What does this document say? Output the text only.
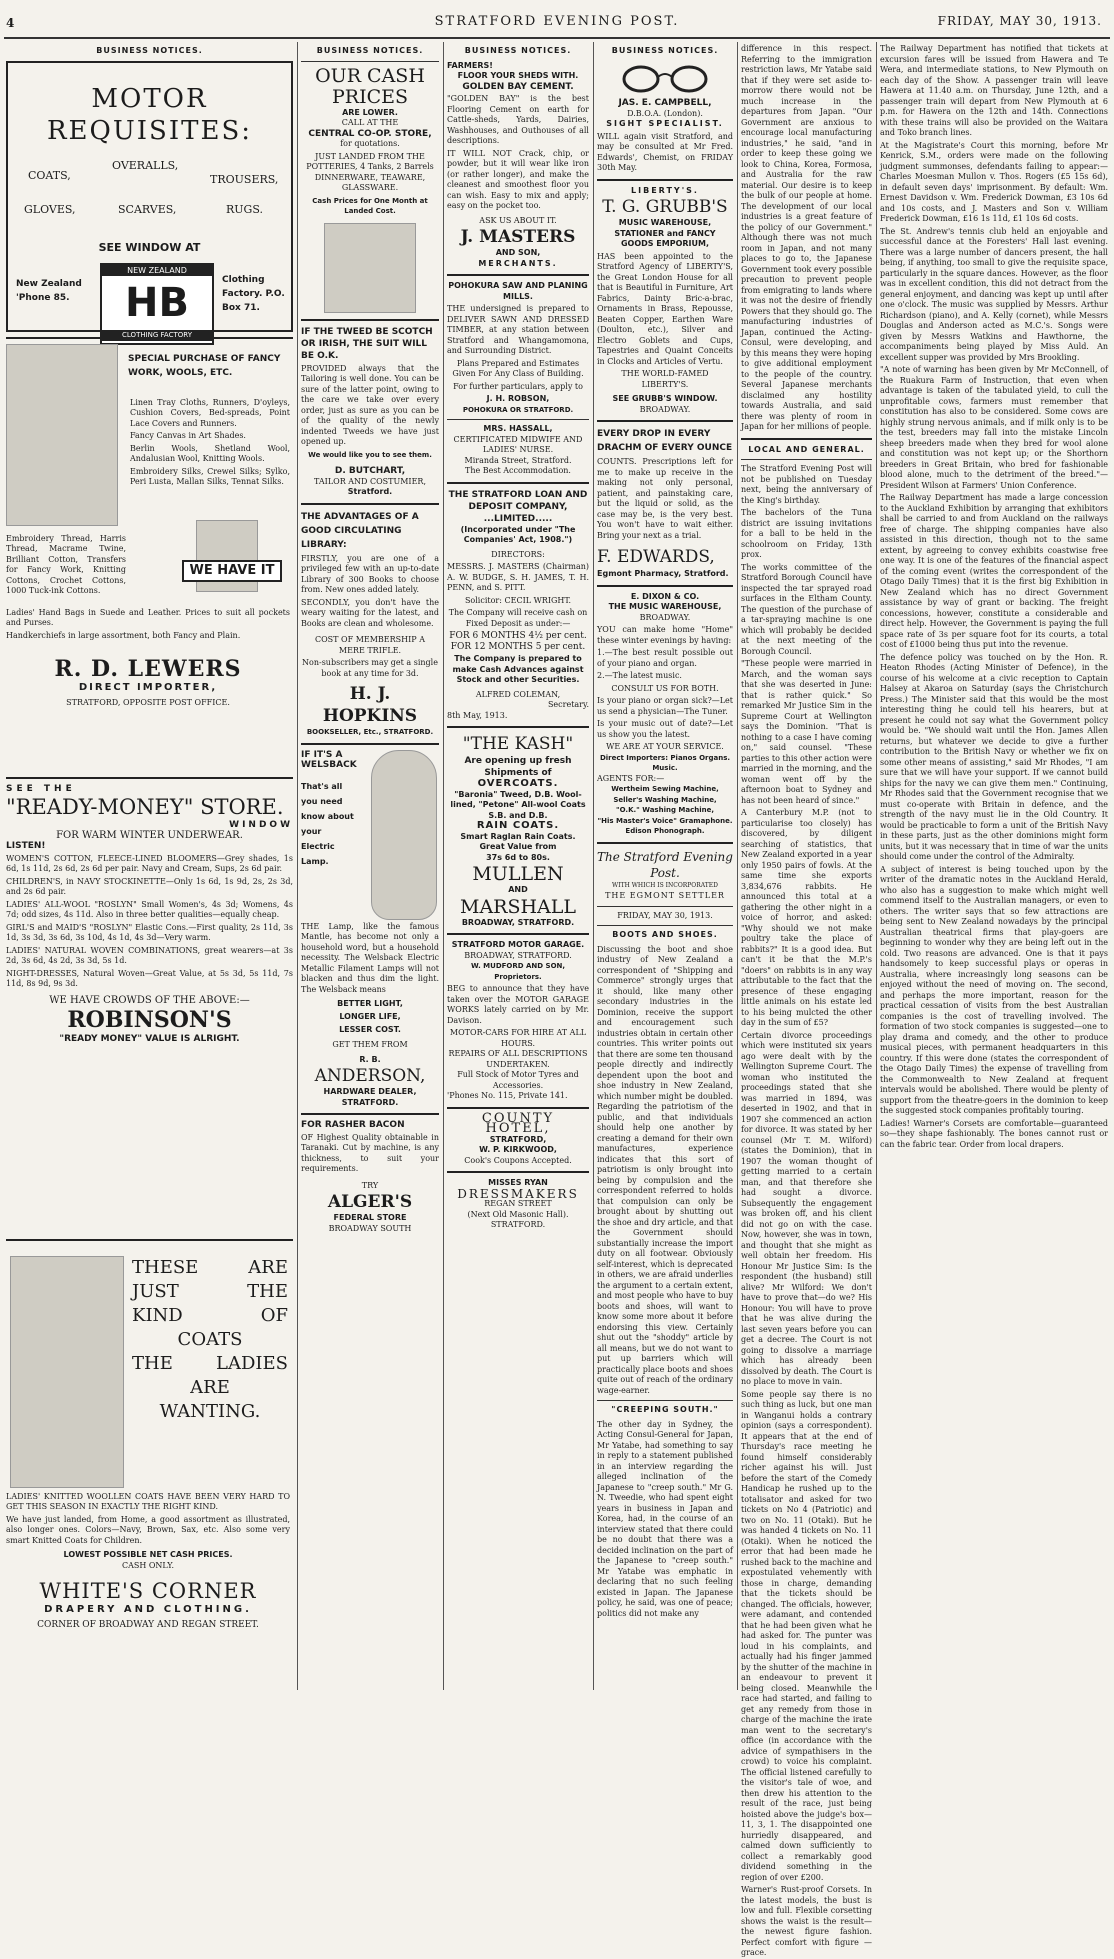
4	STRATFORD EVENING POST.	FRIDAY, MAY 30, 1913.
BUSINESS NOTICES.
MOTOR REQUISITES:
COATS,
OVERALLS,
TROUSERS,
GLOVES,	SCARVES,	RUGS.
SEE WINDOW AT
New Zealand 'Phone 85.
NEW ZEALAND
HB
CLOTHING FACTORY
Clothing Factory. P.O. Box 71.
SPECIAL PURCHASE OF FANCY WORK, WOOLS, ETC.

Linen Tray Cloths, Runners, D'oyleys, Cushion Covers, Bed-spreads, Point Lace Covers and Runners.

Fancy Canvas in Art Shades.

Berlin Wools, Shetland Wool, Andalusian Wool, Knitting Wools.

Embroidery Silks, Crewel Silks; Sylko, Peri Lusta, Mallan Silks, Tennat Silks.

Embroidery Thread, Harris Thread, Macrame Twine, Brilliant Cotton, Transfers for Fancy Work, Knitting Cottons, Crochet Cottons, 1000 Tuck-ink Cottons.

WE HAVE IT

Ladies' Hand Bags in Suede and Leather. Prices to suit all pockets and Purses.

Handkerchiefs in large assortment, both Fancy and Plain.

R. D. LEWERS
DIRECT IMPORTER,
STRATFORD, OPPOSITE POST OFFICE.
SEE THE
"READY-MONEY" STORE.
WINDOW
FOR WARM WINTER UNDERWEAR.
LISTEN!

WOMEN'S COTTON, FLEECE-LINED BLOOMERS—Grey shades, 1s 6d, 1s 11d, 2s 6d, 2s 6d per pair. Navy and Cream, Sups, 2s 6d pair.

CHILDREN'S, in NAVY STOCKINETTE—Only 1s 6d, 1s 9d, 2s, 2s 3d, and 2s 6d pair.

LADIES' ALL-WOOL "ROSLYN" Small Women's, 4s 3d; Womens, 4s 7d; odd sizes, 4s 11d. Also in three better qualities—equally cheap.

GIRL'S and MAID'S "ROSLYN" Elastic Cons.—First quality, 2s 11d, 3s 1d, 3s 3d, 3s 6d, 3s 10d, 4s 1d, 4s 3d—Very warm.

LADIES' NATURAL WOVEN COMBINATIONS, great wearers—at 3s 2d, 3s 6d, 4s 2d, 3s 3d, 5s 1d.

NIGHT-DRESSES, Natural Woven—Great Value, at 5s 3d, 5s 11d, 7s 11d, 8s 9d, 9s 3d.

WE HAVE CROWDS OF THE ABOVE:—
ROBINSON'S
"READY MONEY" VALUE IS ALRIGHT.
THESE	ARE
JUST	THE
KIND	OF
COATS
THE LADIES
ARE
WANTING.

LADIES' KNITTED WOOLLEN COATS HAVE BEEN VERY HARD TO GET THIS SEASON IN EXACTLY THE RIGHT KIND.

We have just landed, from Home, a good assortment as illustrated, also longer ones. Colors—Navy, Brown, Sax, etc. Also some very smart Knitted Coats for Children.

LOWEST POSSIBLE NET CASH PRICES.
CASH ONLY.
WHITE'S CORNER
DRAPERY AND CLOTHING.
CORNER OF BROADWAY AND REGAN STREET.
BUSINESS NOTICES.
OUR CASH PRICES
ARE LOWER.
CALL AT THE
CENTRAL CO-OP. STORE,
for quotations.

JUST LANDED FROM THE POTTERIES, 4 Tanks, 2 Barrels DINNERWARE, TEAWARE, GLASSWARE.

Cash Prices for One Month at Landed Cost.
IF THE TWEED BE SCOTCH OR IRISH, THE SUIT WILL BE O.K.

PROVIDED always that the Tailoring is well done. You can be sure of the latter point, owing to the care we take over every order, just as sure as you can be of the quality of the newly indented Tweeds we have just opened up.

We would like you to see them.
D. BUTCHART,
TAILOR AND COSTUMIER,
Stratford.
THE ADVANTAGES OF A GOOD CIRCULATING LIBRARY:

FIRSTLY, you are one of a privileged few with an up-to-date Library of 300 Books to choose from. New ones added lately.

SECONDLY, you don't have the weary waiting for the latest, and Books are clean and wholesome.

COST OF MEMBERSHIP A MERE TRIFLE.

Non-subscribers may get a single book at any time for 3d.

H. J. HOPKINS
BOOKSELLER, Etc., STRATFORD.
IF IT'S A
WELSBACK
That's all you need know about your Electric Lamp.

THE Lamp, like the famous Mantle, has become not only a household word, but a household necessity. The Welsback Electric Metallic Filament Lamps will not blacken and thus dim the light. The Welsback means

BETTER LIGHT,
LONGER LIFE,
LESSER COST.
GET THEM FROM
R. B.
ANDERSON,
HARDWARE DEALER,
STRATFORD.
FOR RASHER BACON

OF Highest Quality obtainable in Taranaki. Cut by machine, is any thickness, to suit your requirements.

TRY
ALGER'S
FEDERAL STORE
BROADWAY SOUTH
BUSINESS NOTICES.
FARMERS!
FLOOR YOUR SHEDS WITH.
GOLDEN BAY CEMENT.

"GOLDEN BAY" is the best Flooring Cement on earth for Cattle-sheds, Yards, Dairies, Washhouses, and Outhouses of all descriptions.

IT WILL NOT Crack, chip, or powder, but it will wear like iron (or rather longer), and make the cleanest and smoothest floor you can wish. Easy to mix and apply; easy on the pocket too.

ASK US ABOUT IT.
J. MASTERS
AND SON,
MERCHANTS.
POHOKURA SAW AND PLANING MILLS.

THE undersigned is prepared to DELIVER SAWN AND DRESSED TIMBER, at any station between Stratford and Whangamomona, and Surrounding District.

Plans Prepared and Estimates Given For Any Class of Building.

For further particulars, apply to

J. H. ROBSON,
POHOKURA OR STRATFORD.
MRS. HASSALL,
CERTIFICATED MIDWIFE AND LADIES' NURSE.
Miranda Street, Stratford.
The Best Accommodation.
THE STRATFORD LOAN AND DEPOSIT COMPANY, ...LIMITED.....
(Incorporated under "The Companies' Act, 1908.")
DIRECTORS:

MESSRS. J. MASTERS (Chairman) A. W. BUDGE, S. H. JAMES, T. H. PENN, and S. PITT.

Solicitor: CECIL WRIGHT.

The Company will receive cash on Fixed Deposit as under:—

FOR 6 MONTHS 4½ per cent.
FOR 12 MONTHS 5 per cent.

The Company is prepared to make Cash Advances against Stock and other Securities.

ALFRED COLEMAN,
Secretary.
8th May, 1913.
"THE KASH"
Are opening up fresh Shipments of
OVERCOATS.
"Baronia" Tweed, D.B. Wool-lined, "Petone" All-wool Coats S.B. and D.B.
RAIN COATS.
Smart Raglan Rain Coats.
Great Value from
37s 6d to 80s.
MULLEN
AND
MARSHALL
BROADWAY, STRATFORD.
STRATFORD MOTOR GARAGE.
BROADWAY, STRATFORD.
W. MUDFORD AND SON, Proprietors.

BEG to announce that they have taken over the MOTOR GARAGE WORKS lately carried on by Mr. Davison.

MOTOR-CARS FOR HIRE AT ALL HOURS.
REPAIRS OF ALL DESCRIPTIONS UNDERTAKEN.
Full Stock of Motor Tyres and Accessories.
'Phones No. 115, Private 141.
COUNTY HOTEL,
STRATFORD,
W. P. KIRKWOOD,
Cook's Coupons Accepted.
MISSES RYAN
DRESSMAKERS
REGAN STREET
(Next Old Masonic Hall).
STRATFORD.
BUSINESS NOTICES.
JAS. E. CAMPBELL,
D.B.O.A. (London).
SIGHT SPECIALIST.

WILL again visit Stratford, and may be consulted at Mr Fred. Edwards', Chemist, on FRIDAY 30th May.

LIBERTY'S.
T. G. GRUBB'S
MUSIC WAREHOUSE,
STATIONER and FANCY GOODS EMPORIUM,

HAS been appointed to the Stratford Agency of LIBERTY'S, the Great London House for all that is Beautiful in Furniture, Art Fabrics, Dainty Bric-a-brac, Ornaments in Brass, Repousse, Beaten Copper, Earthen Ware (Doulton, etc.), Silver and Electro Goblets and Cups, Tapestries and Quaint Conceits in Clocks and Articles of Vertu.

THE WORLD-FAMED LIBERTY'S.
SEE GRUBB'S WINDOW.
BROADWAY.
EVERY DROP IN EVERY DRACHM OF EVERY OUNCE

COUNTS. Prescriptions left for me to make up receive in the making not only personal, patient, and painstaking care, but the liquid or solid, as the case may be, is the very best. You won't have to wait either. Bring your next as a trial.

F. EDWARDS,
Egmont Pharmacy, Stratford.
E. DIXON & CO.
THE MUSIC WAREHOUSE,
BROADWAY.

YOU can make home "Home" these winter evenings by having:

1.—The best result possible out of your piano and organ.

2.—The latest music.

CONSULT US FOR BOTH.

Is your piano or organ sick?—Let us send a physician—The Tuner.

Is your music out of date?—Let us show you the latest.

WE ARE AT YOUR SERVICE.
Direct Importers: Pianos Organs. Music.
AGENTS FOR:—
Wertheim Sewing Machine,
Seller's Washing Machine,
"O.K." Washing Machine,
"His Master's Voice" Gramaphone.
Edison Phonograph.
The Stratford Evening Post.
WITH WHICH IS INCORPORATED
THE EGMONT SETTLER
FRIDAY, MAY 30, 1913.
BOOTS AND SHOES.

Discussing the boot and shoe industry of New Zealand a correspondent of "Shipping and Commerce" strongly urges that it should, like many other secondary industries in the Dominion, receive the support and encouragement such industries obtain in certain other countries. This writer points out that there are some ten thousand people directly and indirectly dependent upon the boot and shoe industry in New Zealand, which number might be doubled. Regarding the patriotism of the public, and that individuals should help one another by creating a demand for their own manufactures, experience indicates that this sort of patriotism is only brought into being by compulsion and the correspondent referred to holds that compulsion can only be brought about by shutting out the shoe and dry article, and that the Government should substantially increase the import duty on all footwear. Obviously self-interest, which is deprecated in others, we are afraid underlies the argument to a certain extent, and most people who have to buy boots and shoes, will want to know some more about it before endorsing this view. Certainly shut out the "shoddy" article by all means, but we do not want to put up barriers which will practically place boots and shoes quite out of reach of the ordinary wage-earner.

"CREEPING SOUTH."

The other day in Sydney, the Acting Consul-General for Japan, Mr Yatabe, had something to say in reply to a statement published in an interview regarding the alleged inclination of the Japanese to "creep south." Mr G. N. Tweedie, who had spent eight years in business in Japan and Korea, had, in the course of an interview stated that there could be no doubt that there was a decided inclination on the part of the Japanese to "creep south." Mr Yatabe was emphatic in declaring that no such feeling existed in Japan. The Japanese policy, he said, was one of peace; politics did not make any

difference in this respect. Referring to the immigration restriction laws, Mr Yatabe said that if they were set aside to-morrow there would not be much increase in the departures from Japan. "Our Government are anxious to encourage local manufacturing industries," he said, "and in order to keep these going we look to China, Korea, Formosa, and Australia for the raw material. Our desire is to keep the bulk of our people at home. The development of our local industries is a great feature of the policy of our Government." Although there was not much room in Japan, and not many places to go to, the Japanese Government took every possible precaution to prevent people from emigrating to lands where it was not the desire of friendly Powers that they should go. The manufacturing industries of Japan, continued the Acting-Consul, were developing, and by this means they were hoping to give additional employment to the people of the country. Several Japanese merchants disclaimed any hostility towards Australia, and said there was plenty of room in Japan for her millions of people.

LOCAL AND GENERAL.

The Stratford Evening Post will not be published on Tuesday next, being the anniversary of the King's birthday.

The bachelors of the Tuna district are issuing invitations for a ball to be held in the schoolroom on Friday, 13th prox.

The works committee of the Stratford Borough Council have inspected the tar sprayed road surfaces in the Eltham County. The question of the purchase of a tar-spraying machine is one which will probably be decided at the next meeting of the Borough Council.

"These people were married in March, and the woman says that she was deserted in June: that is rather quick." So remarked Mr Justice Sim in the Supreme Court at Wellington says the Dominion. "That is nothing to a case I have coming on," said counsel. "These parties to this other action were married in the morning, and the woman went off by the afternoon boat to Sydney and has not been heard of since."

A Canterbury M.P. (not to particularise too closely) has discovered, by diligent searching of statistics, that New Zealand exported in a year only 1950 pairs of fowls. At the same time she exports 3,834,676 rabbits. He announced this total at a gathering the other night in a voice of horror, and asked: "Why should we not make poultry take the place of rabbits?" It is a good idea. But can't it be that the M.P.'s "doers" on rabbits is in any way attributable to the fact that the presence of these engaging little animals on his estate led to his being mulcted the other day in the sum of £5?

Certain divorce proceedings which were instituted six years ago were dealt with by the Wellington Supreme Court. The woman who instituted the proceedings stated that she was married in 1894, was deserted in 1902, and that in 1907 she commenced an action for divorce. It was stated by her counsel (Mr T. M. Wilford) (states the Dominion), that in 1907 the woman thought of getting married to a certain man, and that therefore she had sought a divorce. Subsequently the engagement was broken off, and his client did not go on with the case. Now, however, she was in town, and thought that she might as well obtain her freedom. His Honour Mr Justice Sim: Is the respondent (the husband) still alive? Mr Wilford: We don't have to prove that—do we? His Honour: You will have to prove that he was alive during the last seven years before you can get a decree. The Court is not going to dissolve a marriage which has already been dissolved by death. The Court is no place to move in vain.

Some people say there is no such thing as luck, but one man in Wanganui holds a contrary opinion (says a correspondent). It appears that at the end of Thursday's race meeting he found himself considerably richer against his will. Just before the start of the Comedy Handicap he rushed up to the totalisator and asked for two tickets on No 4 (Patriotic) and two on No. 11 (Otaki). But he was handed 4 tickets on No. 11 (Otaki). When he noticed the error that had been made he rushed back to the machine and expostulated vehemently with those in charge, demanding that the tickets should be changed. The officials, however, were adamant, and contended that he had been given what he had asked for. The punter was loud in his complaints, and actually had his finger jammed by the shutter of the machine in an endeavour to prevent it being closed. Meanwhile the race had started, and failing to get any remedy from those in charge of the machine the irate man went to the secretary's office (in accordance with the advice of sympathisers in the crowd) to voice his complaint. The official listened carefully to the visitor's tale of woe, and then drew his attention to the result of the race, just being hoisted above the judge's box—11, 3, 1. The disappointed one hurriedly disappeared, and calmed down sufficiently to collect a remarkably good dividend something in the region of over £200.

Warner's Rust-proof Corsets. In the latest models, the bust is low and full. Flexible corsetting shows the waist is the result—the newest figure fashion. Perfect comfort with figure —grace.

The Railway Department has notified that tickets at excursion fares will be issued from Hawera and Te Wera, and intermediate stations, to New Plymouth on each day of the Show. A passenger train will leave Hawera at 11.40 a.m. on Thursday, June 12th, and a passenger train will depart from New Plymouth at 6 p.m. for Hawera on the 12th and 14th. Connections with these trains will also be provided on the Waitara and Toko branch lines.

At the Magistrate's Court this morning, before Mr Kenrick, S.M., orders were made on the following judgment summonses, defendants failing to appear:—Charles Moesman Mullon v. Thos. Rogers (£5 15s 6d), in default seven days' imprisonment. By default: Wm. Ernest Davidson v. Wm. Frederick Dowman, £3 10s 6d and 10s costs, and J. Masters and Son v. William Frederick Dowman, £16 1s 11d, £1 10s 6d costs.

The St. Andrew's tennis club held an enjoyable and successful dance at the Foresters' Hall last evening. There was a large number of dancers present, the hall being, if anything, too small to give the requisite space, particularly in the square dances. However, as the floor was in excellent condition, this did not detract from the general enjoyment, and dancing was kept up until after one o'clock. The music was supplied by Messrs. Arthur Richardson (piano), and A. Kelly (cornet), while Messrs Douglas and Anderson acted as M.C.'s. Songs were given by Messrs Watkins and Hawthorne, the accompaniments being played by Miss Auld. An excellent supper was provided by Mrs Brookling.

"A note of warning has been given by Mr McConnell, of the Ruakura Farm of Instruction, that even when advantage is taken of the tabulated yield, to cull the unprofitable cows, farmers must remember that constitution has also to be considered. Some cows are highly strung nervous animals, and if milk only is to be the test, breeders may fall into the mistake Lincoln sheep breeders made when they bred for wool alone and constitution was not kept up; or the Shorthorn breeders in Great Britain, who bred for fashionable blood alone, much to the detriment of the breed."—President Wilson at Farmers' Union Conference.

The Railway Department has made a large concession to the Auckland Exhibition by arranging that exhibitors shall be carried to and from Auckland on the railways free of charge. The shipping companies have also assisted in this direction, though not to the same extent, by agreeing to convey exhibits coastwise free one way. It is one of the features of the financial aspect of the coming event (writes the correspondent of the Otago Daily Times) that it is the first big Exhibition in New Zealand which has no direct Government assistance by way of grant or backing. The freight concessions, however, constitute a considerable and direct help. However, the Government is paying the full space rate of 3s per square foot for its courts, a total cost of £1000 being thus put into the revenue.

The defence policy was touched on by the Hon. R. Heaton Rhodes (Acting Minister of Defence), in the course of his welcome at a civic reception to Captain Halsey at Akaroa on Saturday (says the Christchurch Press.) The Minister said that this would be the most interesting thing he could tell his hearers, but at present he could not say what the Government policy would be. "We should wait until the Hon. James Allen returns, but whatever we decide to give a further contribution to the British Navy or whether we fix on some other means of assisting," said Mr Rhodes, "I am sure that we will have your support. If we cannot build ships for the navy we can give them men." Continuing, Mr Rhodes said that the Government recognise that we must co-operate with Britain in defence, and the strength of the navy must lie in the Old Country. It would be practicable to form a unit of the British Navy in these parts, just as the other dominions might form units, but it was necessary that in time of war the units should come under the control of the Admiralty.

A subject of interest is being touched upon by the writer of the dramatic notes in the Auckland Herald, who also has a suggestion to make which might well commend itself to the Australian managers, or even to others. The writer says that so few attractions are being sent to New Zealand nowadays by the principal Australian theatrical firms that play-goers are beginning to wonder why they are being left out in the cold. Two reasons are advanced. One is that it pays handsomely to keep successful plays or operas in Australia, where increasingly long seasons can be enjoyed without the need of moving on. The second, and perhaps the more important, reason for the practical cessation of visits from the best Australian companies is the cost of travelling involved. The formation of two stock companies is suggested—one to play drama and comedy, and the other to produce musical pieces, with permanent headquarters in this country. If this were done (states the correspondent of the Otago Daily Times) the expense of travelling from the Commonwealth to New Zealand at frequent intervals would be abolished. There would be plenty of support from the theatre-goers in the dominion to keep the suggested stock companies profitably touring.

Ladies! Warner's Corsets are comfortable—guaranteed so—they shape fashionably. The bones cannot rust or can the fabric tear. Order from local drapers.
